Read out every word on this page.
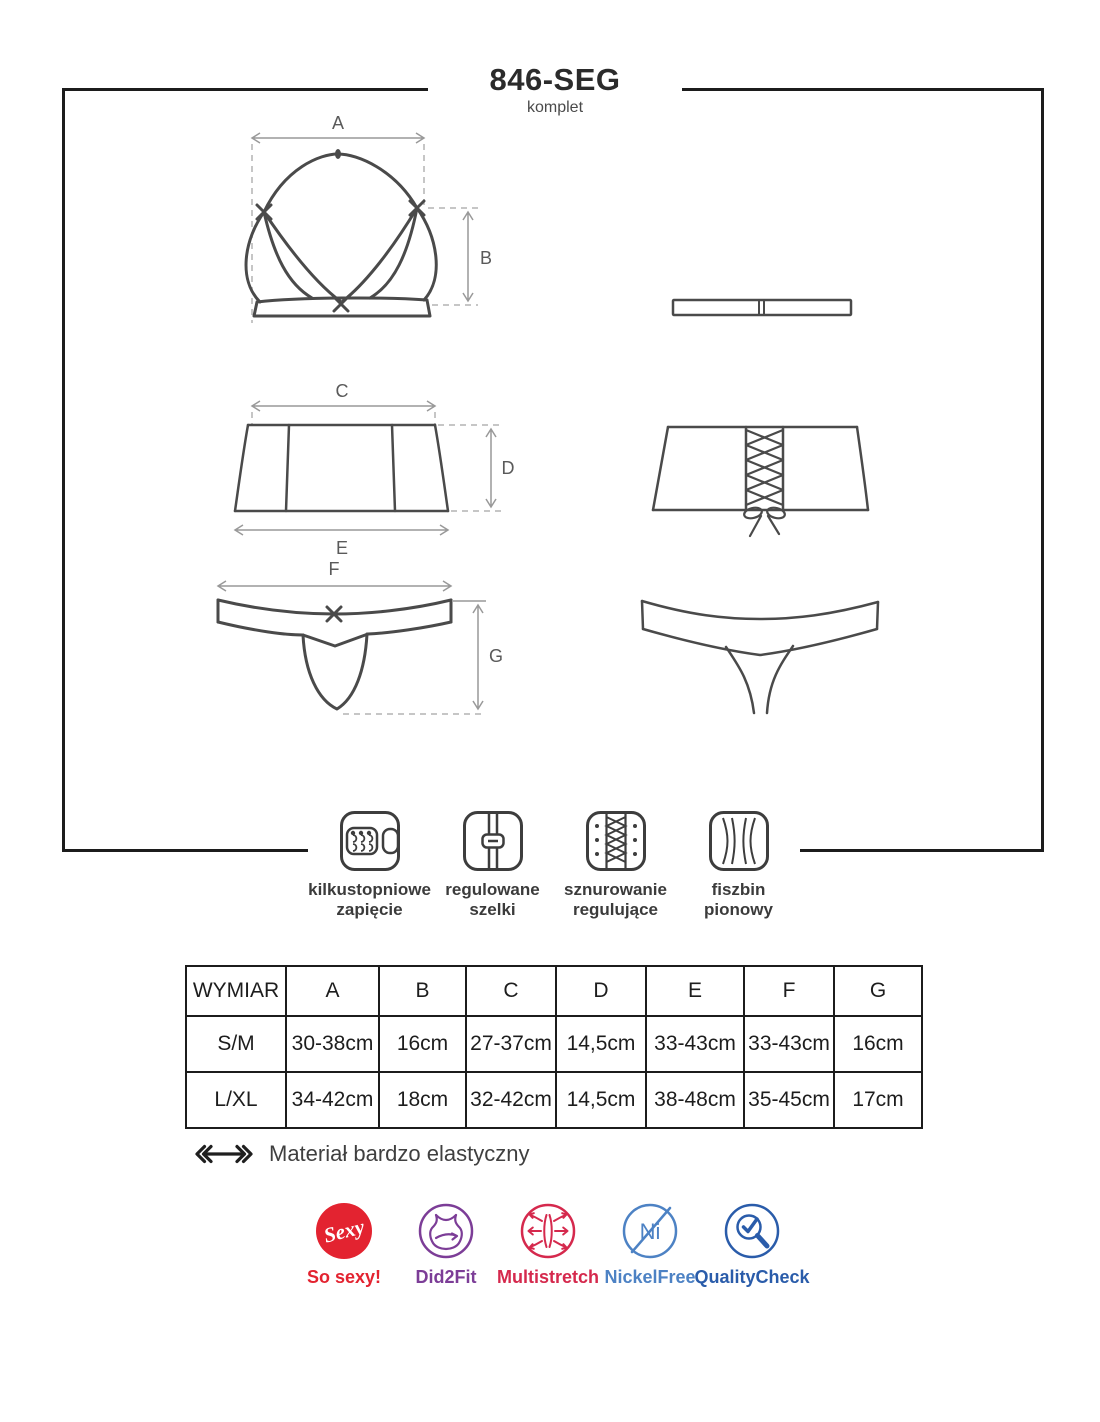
846-SEG
komplet
A
B
C
D
E
F
G
kilkustopniowe zapięcie
regulowane szelki
sznurowanie regulujące
fiszbin pionowy
WYMIAR	A	B	C	D	E	F	G
S/M	30-38cm	16cm	27-37cm	14,5cm	33-43cm	33-43cm	16cm
L/XL	34-42cm	18cm	32-42cm	14,5cm	38-48cm	35-45cm	17cm
Materiał bardzo elastyczny
Sexy
So sexy! Did2Fit Multistretch
Ni
NickelFree
QualityCheck
